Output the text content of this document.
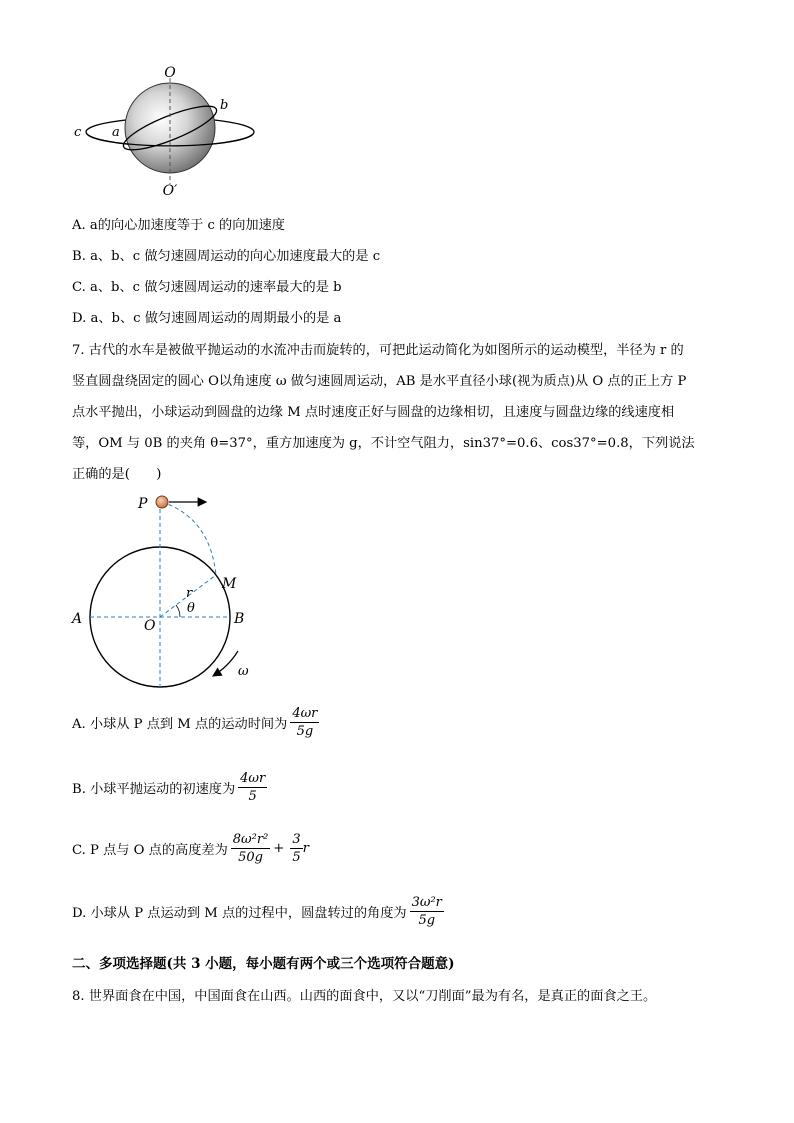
O
O′
a
b
c
A. a的向心加速度等于 c 的向加速度
B. a、b、c 做匀速圆周运动的向心加速度最大的是 c
C. a、b、c 做匀速圆周运动的速率最大的是 b
D. a、b、c 做匀速圆周运动的周期最小的是 a
7. 古代的水车是被做平抛运动的水流冲击而旋转的，可把此运动简化为如图所示的运动模型，半径为 r 的
竖直圆盘绕固定的圆心 O以角速度 ω 做匀速圆周运动，AB 是水平直径小球(视为质点)从 O 点的正上方 P
点水平抛出，小球运动到圆盘的边缘 M 点时速度正好与圆盘的边缘相切，且速度与圆盘边缘的线速度相
等，OM 与 0B 的夹角 θ=37°，重方加速度为 g，不计空气阻力，sin37°=0.6、cos37°=0.8，下列说法
正确的是(　　)
P
M
A	B
O
r
θ
ω
A. 小球从 P 点到 M 点的运动时间为 $\frac{4\omega r}{5g}$
B. 小球平抛运动的初速度为 $\frac{4\omega r}{5}$
C. P 点与 O 点的高度差为 $\frac{\text{8ω²r²}}{50g} + \frac{3}{5}$ r
D. 小球从 P 点运动到 M 点的过程中，圆盘转过的角度为 $\frac{\text{3ω²r}}{5g}$
二、多项选择题(共 3 小题，每小题有两个或三个选项符合题意)
8. 世界面食在中国，中国面食在山西。山西的面食中，又以“刀削面”最为有名，是真正的面食之王。
